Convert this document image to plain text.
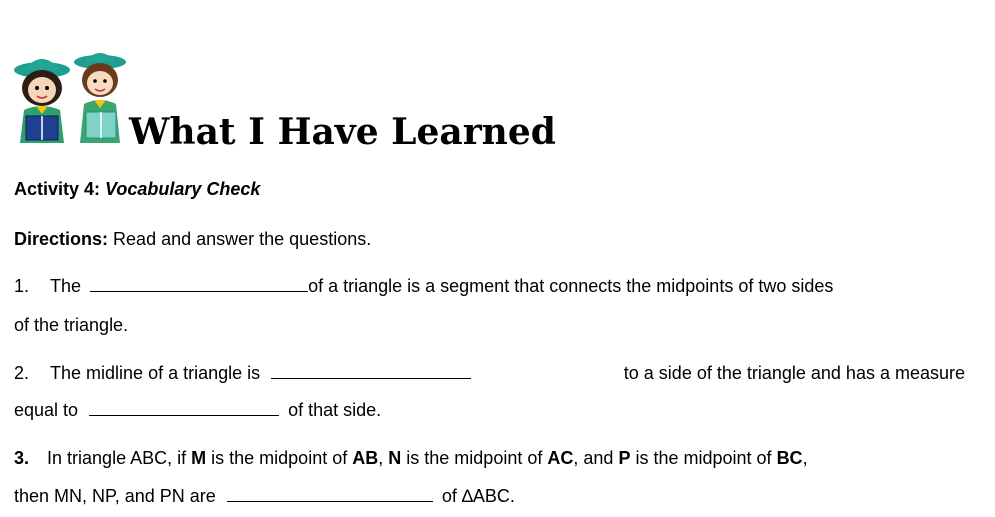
What I Have Learned
Activity 4: Vocabulary Check
Directions: Read and answer the questions.
1. The	of a triangle is a segment that connects the midpoints of two sides
of the triangle.
2. The midline of a triangle is	to a side of the triangle and has a measure
equal to	of that side.
3. In triangle ABC, if M is the midpoint of AB, N is the midpoint of AC, and P is the midpoint of BC,
then MN, NP, and PN are	of ∆ABC.
